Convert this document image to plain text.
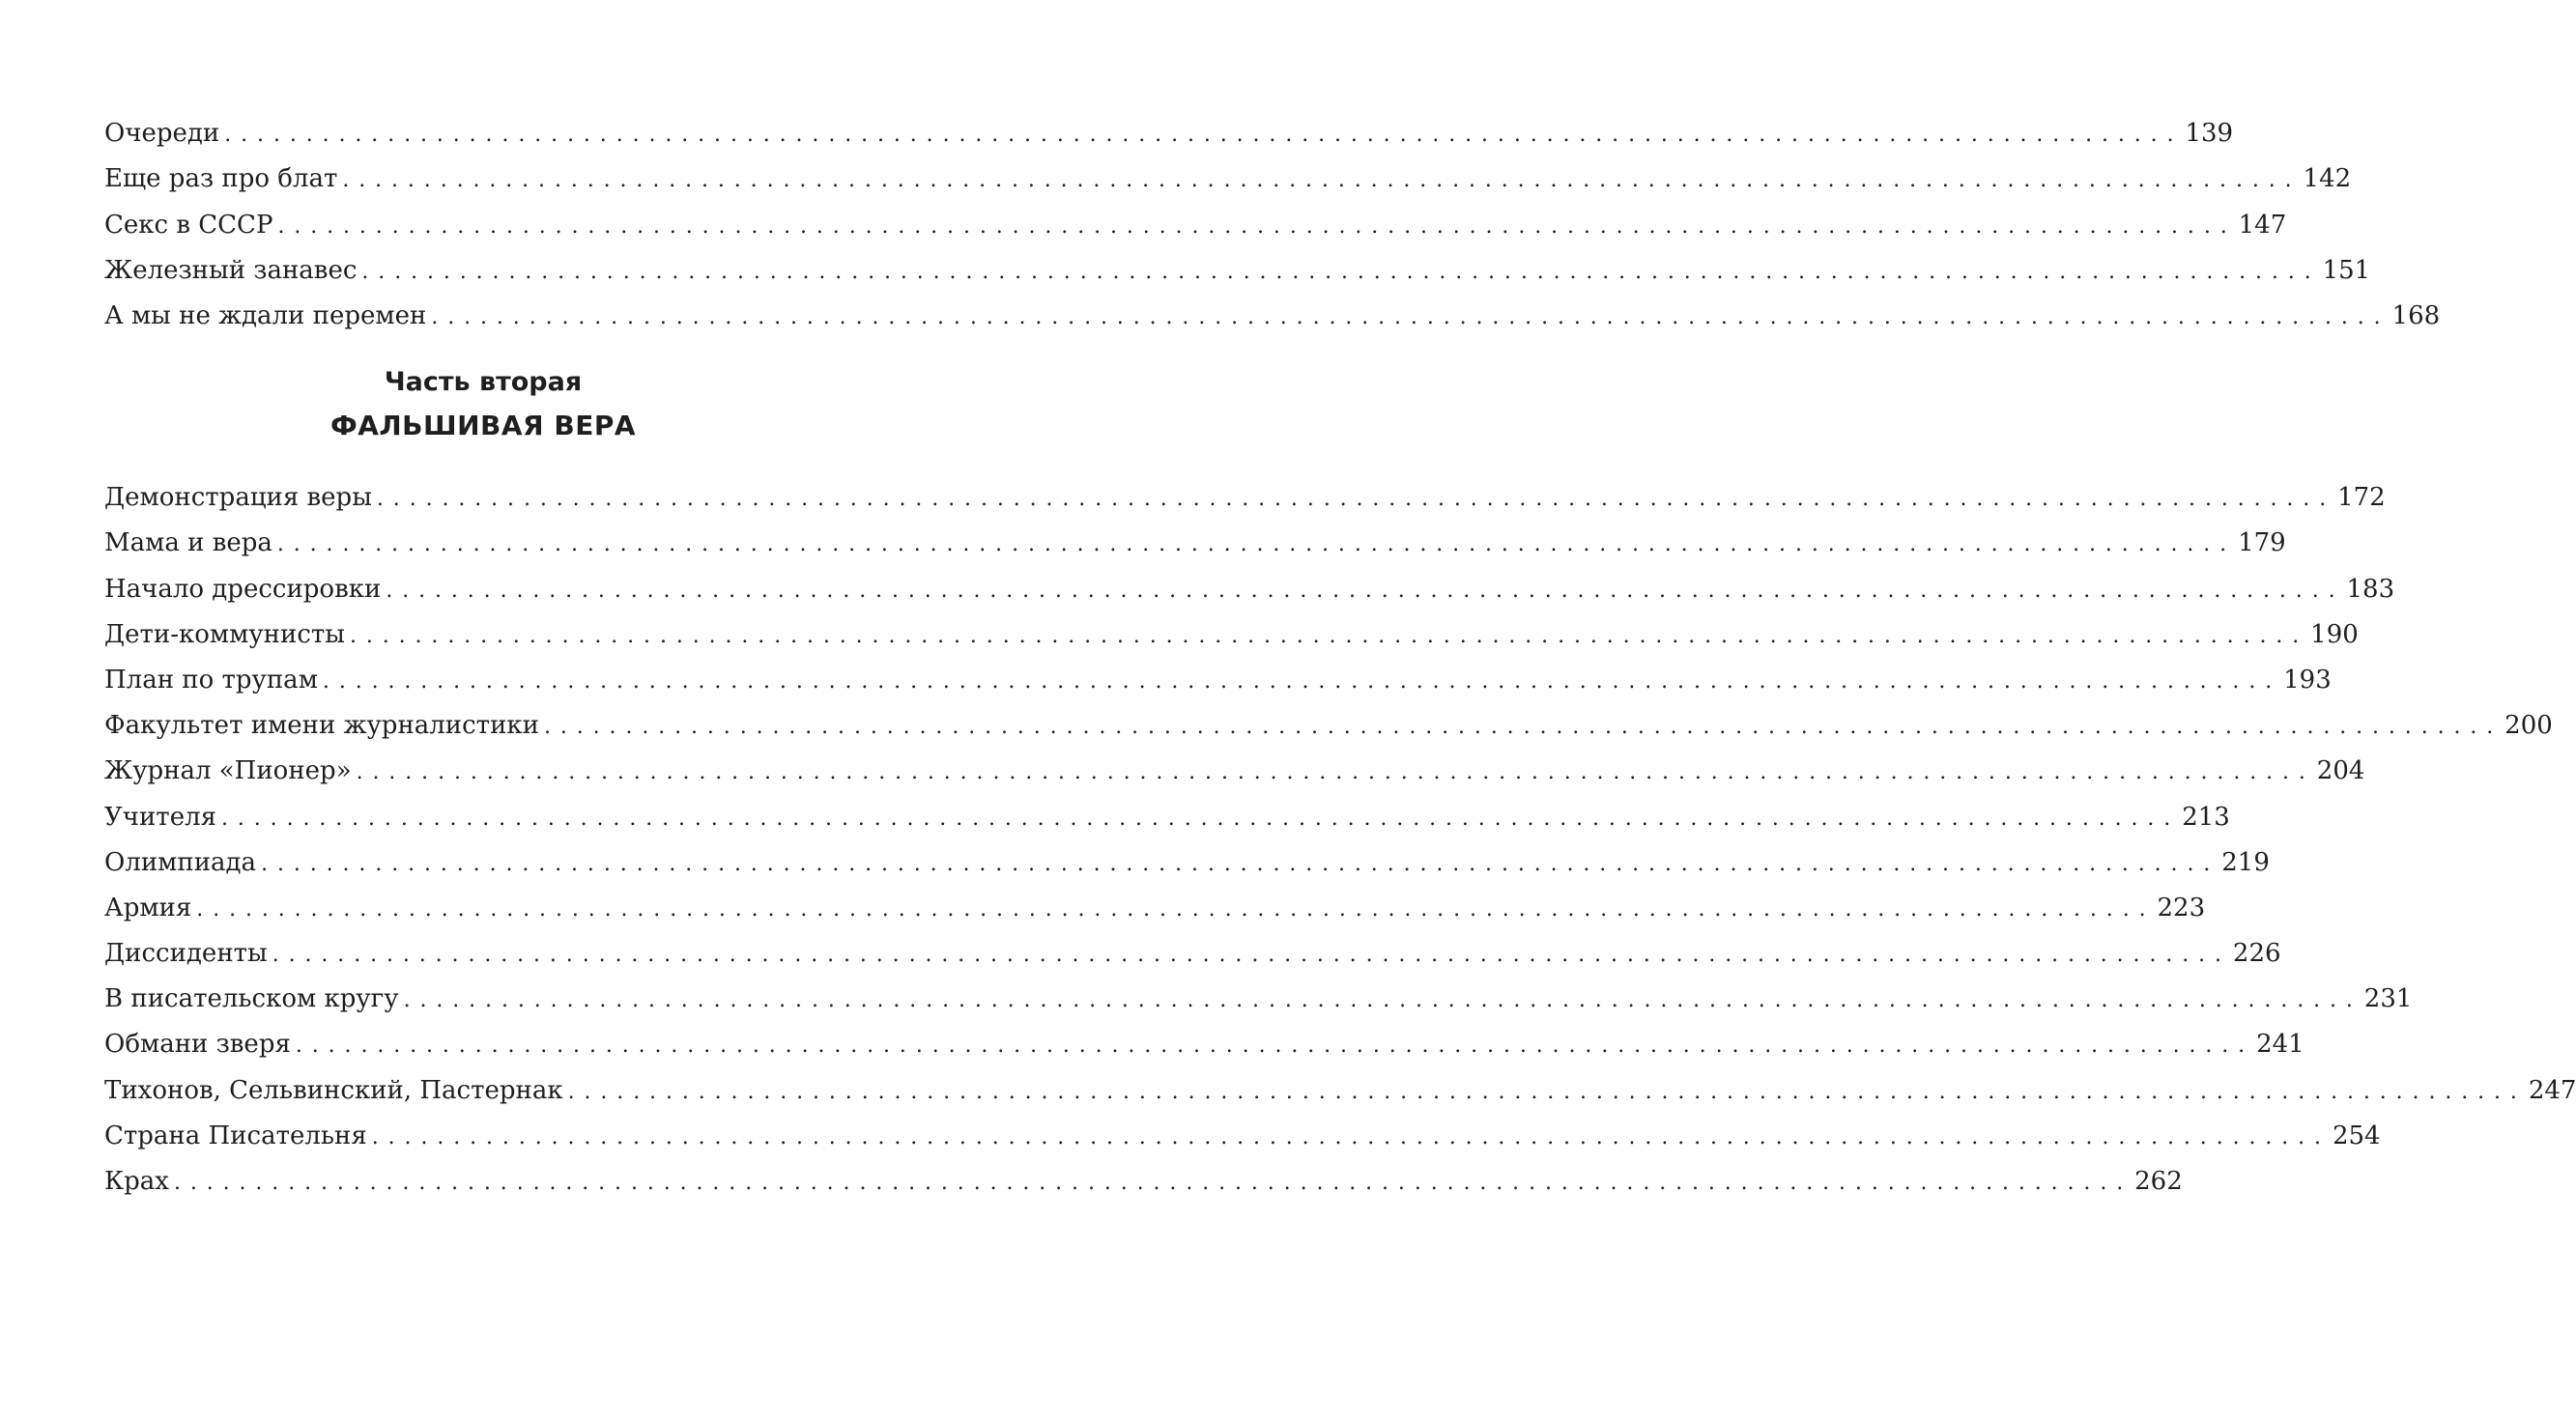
Очереди ........................................................................................................................ 139
Еще раз про блат ........................................................................................................................ 142
Секс в СССР ........................................................................................................................ 147
Железный занавес ........................................................................................................................ 151
А мы не ждали перемен ........................................................................................................................ 168
Часть вторая
ФАЛЬШИВАЯ ВЕРА
Демонстрация веры ........................................................................................................................ 172
Мама и вера ........................................................................................................................ 179
Начало дрессировки ........................................................................................................................ 183
Дети-коммунисты ........................................................................................................................ 190
План по трупам ........................................................................................................................ 193
Факультет имени журналистики ........................................................................................................................ 200
Журнал «Пионер» ........................................................................................................................ 204
Учителя ........................................................................................................................ 213
Олимпиада ........................................................................................................................ 219
Армия ........................................................................................................................ 223
Диссиденты ........................................................................................................................ 226
В писательском кругу ........................................................................................................................ 231
Обмани зверя ........................................................................................................................ 241
Тихонов, Сельвинский, Пастернак ........................................................................................................................ 247
Страна Писательня ........................................................................................................................ 254
Крах ........................................................................................................................ 262
